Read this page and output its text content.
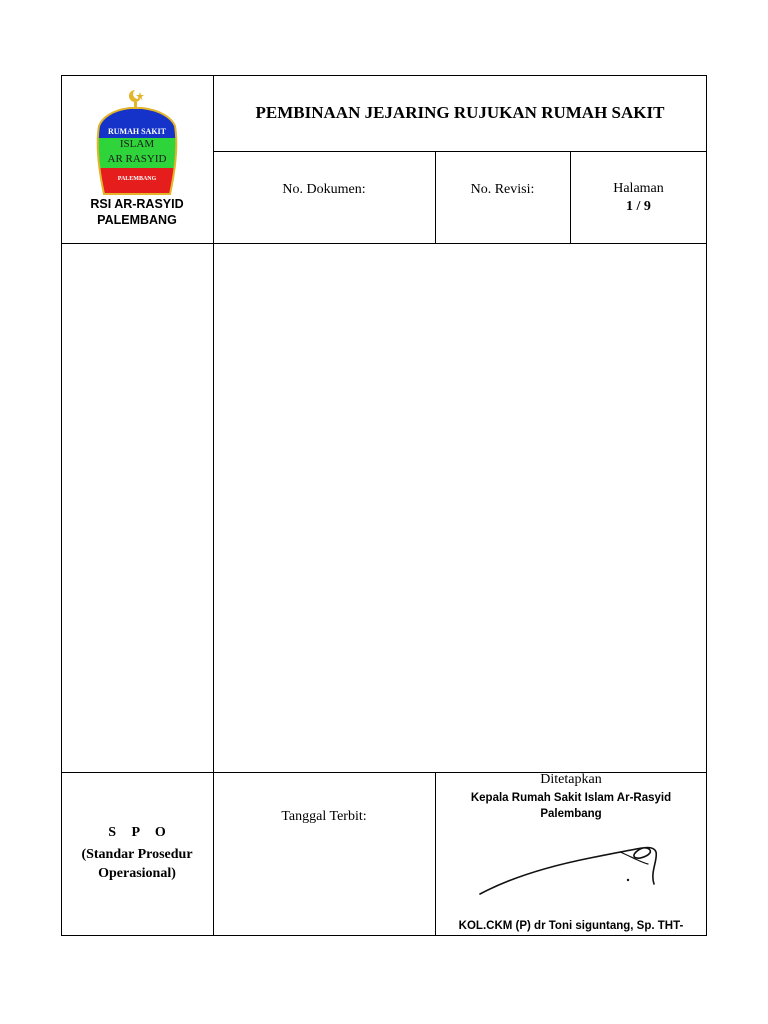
RUMAH SAKIT
ISLAM
AR RASYID
PALEMBANG
RSI AR-RASYID
PALEMBANG
PEMBINAAN JEJARING RUJUKAN RUMAH SAKIT
No. Dokumen:	No. Revisi:	Halaman
1 / 9
S P O
(Standar Prosedur
Operasional)
Tanggal Terbit:
Ditetapkan
Kepala Rumah Sakit Islam Ar-Rasyid
Palembang
KOL.CKM (P) dr Toni siguntang, Sp. THT-
